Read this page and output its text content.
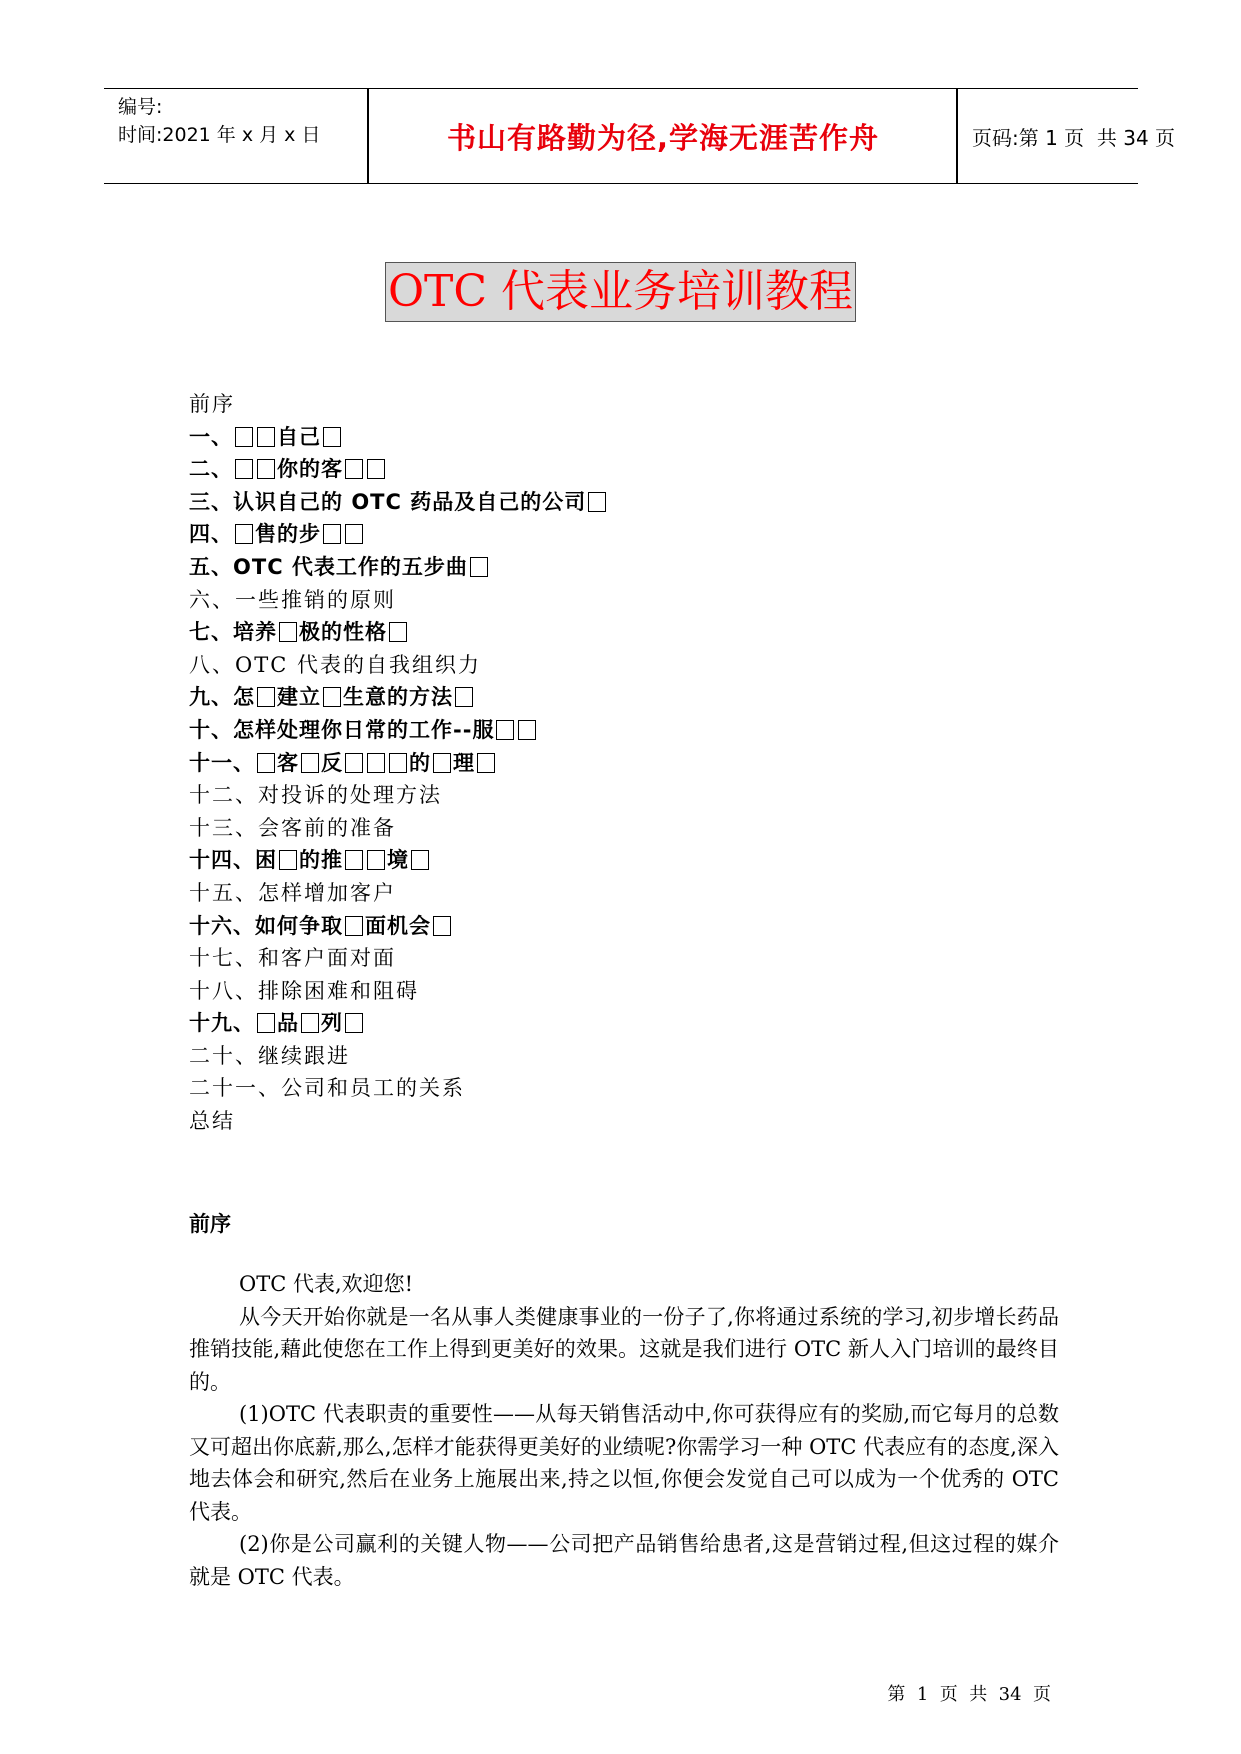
编号:
时间:2021 年 x 月 x 日	书山有路勤为径,学海无涯苦作舟	页码:第 1 页  共 34 页
OTC 代表业务培训教程
前序
一、 自己
二、 你的客
三、认识自己的 OTC 药品及自己的公司
四、 售的步
五、OTC 代表工作的五步曲
六、一些推销的原则
七、培养 极的性格
八、OTC 代表的自我组织力
九、怎 建立 生意的方法
十、怎样处理你日常的工作--服
十一、 客 反	的 理
十二、对投诉的处理方法
十三、会客前的准备
十四、困 的推 境
十五、怎样增加客户
十六、如何争取 面机会
十七、和客户面对面
十八、排除困难和阻碍
十九、 品 列
二十、继续跟进
二十一、公司和员工的关系
总结
前序

OTC 代表,欢迎您!

从今天开始你就是一名从事人类健康事业的一份子了,你将通过系统的学习,初步增长药品推销技能,藉此使您在工作上得到更美好的效果。这就是我们进行 OTC 新人入门培训的最终目的。

(1)OTC 代表职责的重要性——从每天销售活动中,你可获得应有的奖励,而它每月的总数又可超出你底薪,那么,怎样才能获得更美好的业绩呢?你需学习一种 OTC 代表应有的态度,深入地去体会和研究,然后在业务上施展出来,持之以恒,你便会发觉自己可以成为一个优秀的 OTC 代表。

(2)你是公司赢利的关键人物——公司把产品销售给患者,这是营销过程,但这过程的媒介就是 OTC 代表。

第  1  页  共  34  页
